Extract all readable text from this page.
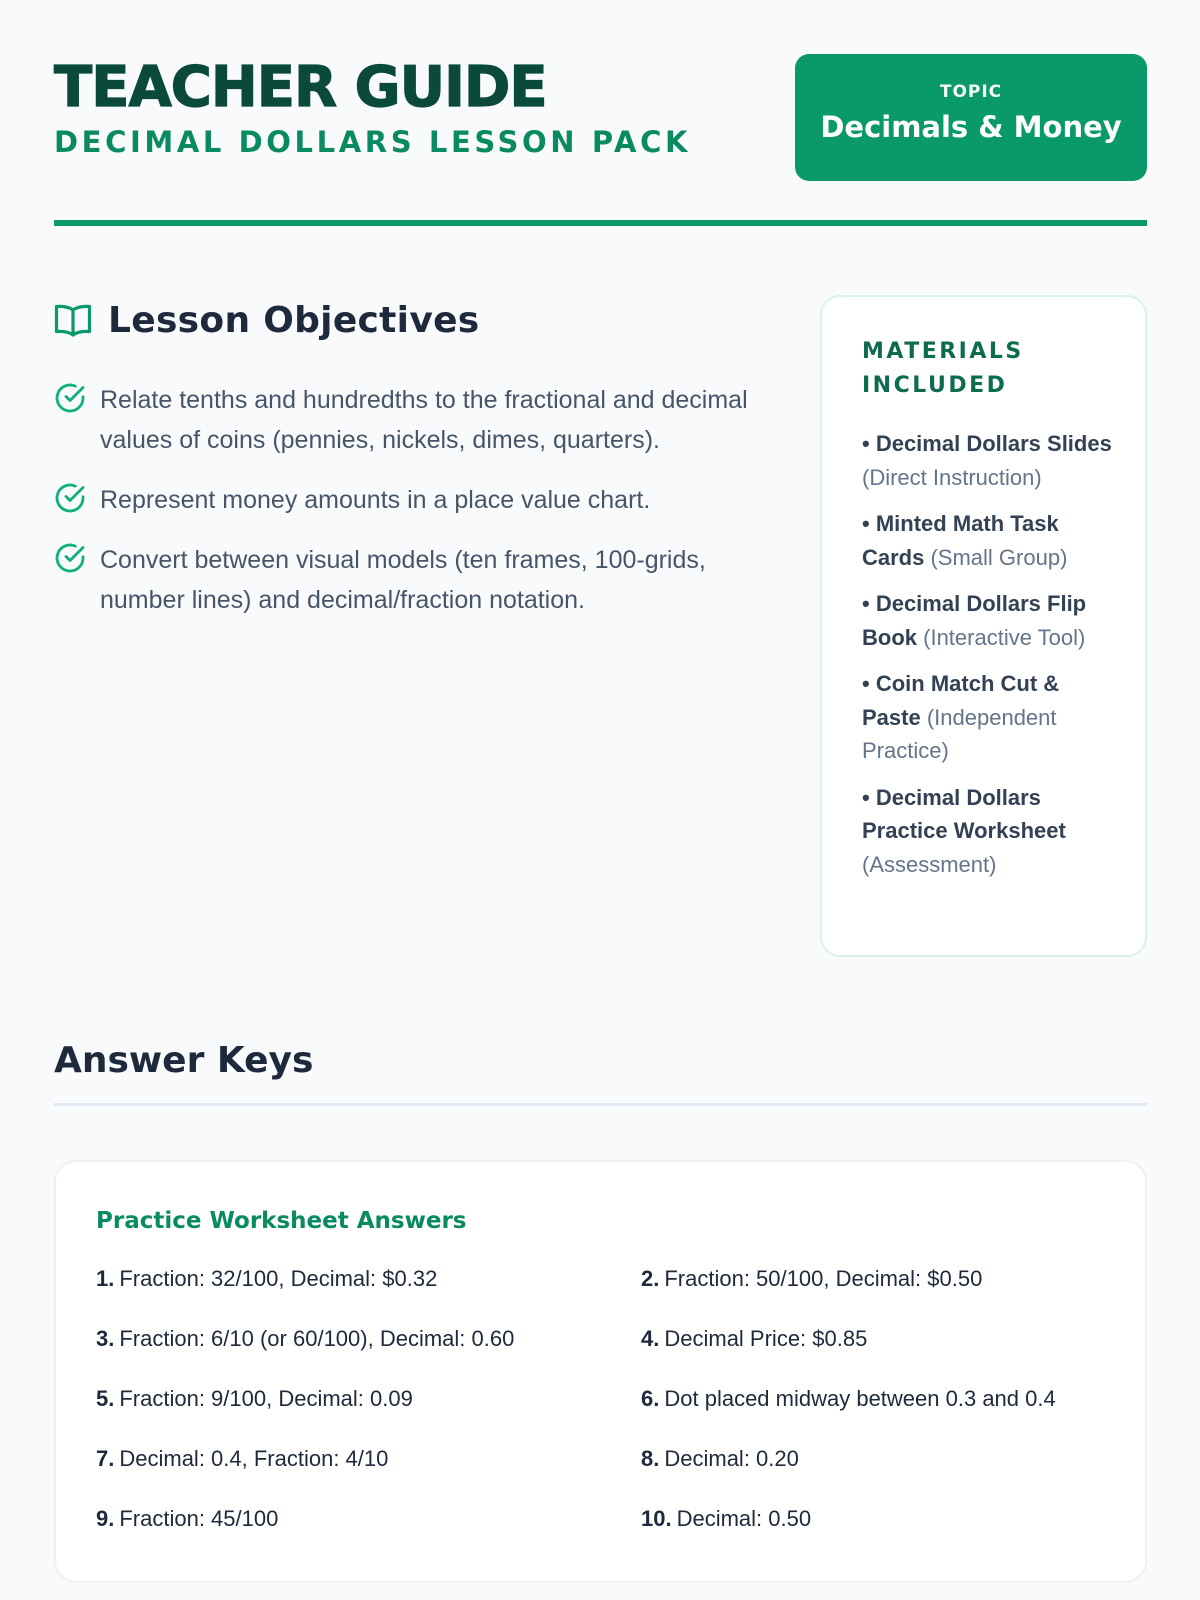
TEACHER GUIDE
DECIMAL DOLLARS LESSON PACK
TOPIC
Decimals & Money
Lesson Objectives
Relate tenths and hundredths to the fractional and decimal values of coins (pennies, nickels, dimes, quarters).
Represent money amounts in a place value chart.
Convert between visual models (ten frames, 100-grids, number lines) and decimal/fraction notation.
MATERIALS INCLUDED
• Decimal Dollars Slides (Direct Instruction)
• Minted Math Task Cards (Small Group)
• Decimal Dollars Flip Book (Interactive Tool)
• Coin Match Cut & Paste (Independent Practice)
• Decimal Dollars Practice Worksheet (Assessment)
Answer Keys
Practice Worksheet Answers
1. Fraction: 32/100, Decimal: $0.32	2. Fraction: 50/100, Decimal: $0.50
3. Fraction: 6/10 (or 60/100), Decimal: 0.60	4. Decimal Price: $0.85
5. Fraction: 9/100, Decimal: 0.09	6. Dot placed midway between 0.3 and 0.4
7. Decimal: 0.4, Fraction: 4/10	8. Decimal: 0.20
9. Fraction: 45/100	10. Decimal: 0.50
